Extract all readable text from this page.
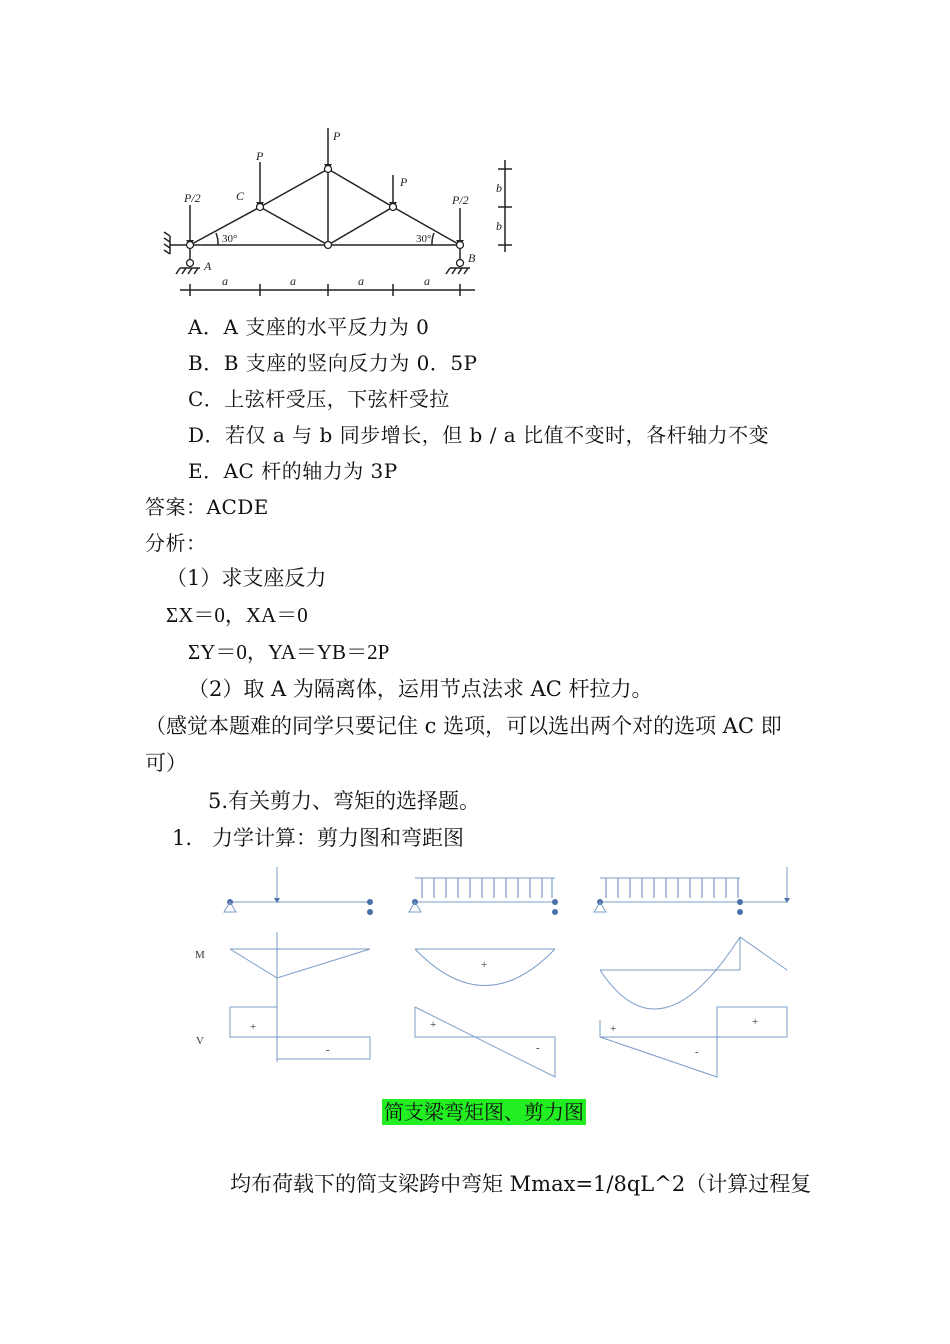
P
P
P
P/2	P/2
C
A
B
a	a	a	a
b
b
30°	30°
A．A 支座的水平反力为 0
B．B 支座的竖向反力为 0．5P
C．上弦杆受压，下弦杆受拉
D．若仅 a 与 b 同步增长，但 b / a 比值不变时，各杆轴力不变
E．AC 杆的轴力为 3P
答案：ACDE
分析：
（1）求支座反力
ΣX＝0，XA＝0
ΣY＝0，YA＝YB＝2P
（2）取 A 为隔离体，运用节点法求 AC 杆拉力。
（感觉本题难的同学只要记住 c 选项，可以选出两个对的选项 AC 即
可）
5.有关剪力、弯矩的选择题。
1.   力学计算：剪力图和弯距图
M
V
+
+
-
+
-
+
-
+
简支梁弯矩图、剪力图
均布荷载下的简支梁跨中弯矩 Mmax=1/8qL^2（计算过程复
